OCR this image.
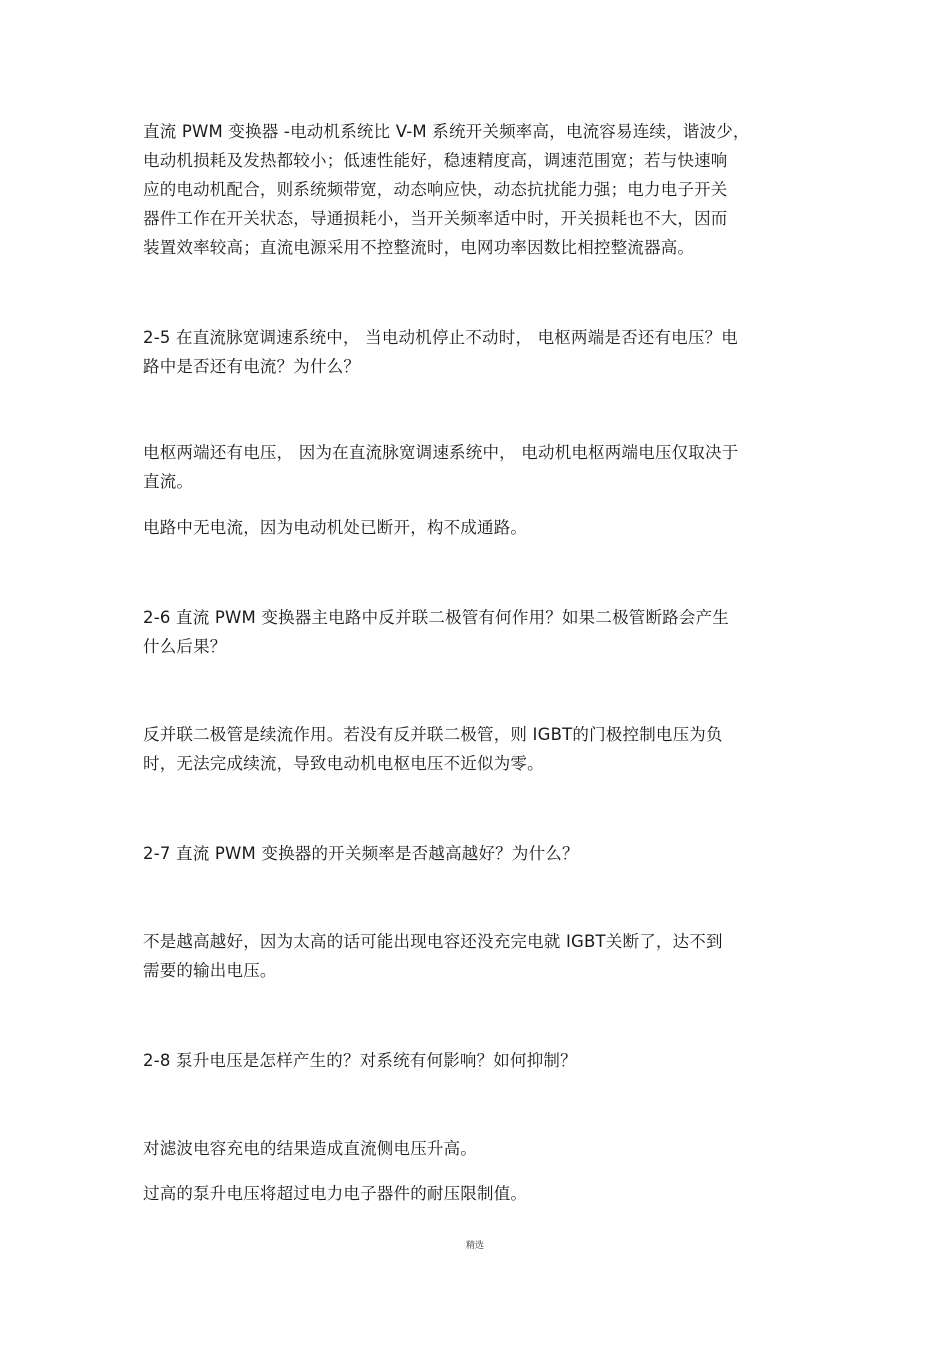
直流 PWM 变换器 -电动机系统比 V-M 系统开关频率高，电流容易连续，谐波少，
电动机损耗及发热都较小；低速性能好，稳速精度高，调速范围宽；若与快速响
应的电动机配合，则系统频带宽，动态响应快，动态抗扰能力强；电力电子开关
器件工作在开关状态，导通损耗小，当开关频率适中时，开关损耗也不大，因而
装置效率较高；直流电源采用不控整流时，电网功率因数比相控整流器高。
2-5 在直流脉宽调速系统中， 当电动机停止不动时， 电枢两端是否还有电压？电
路中是否还有电流？为什么？
电枢两端还有电压， 因为在直流脉宽调速系统中， 电动机电枢两端电压仅取决于
直流。
电路中无电流，因为电动机处已断开，构不成通路。
2-6 直流 PWM 变换器主电路中反并联二极管有何作用？如果二极管断路会产生
什么后果？
反并联二极管是续流作用。若没有反并联二极管，则 IGBT的门极控制电压为负
时，无法完成续流，导致电动机电枢电压不近似为零。
2-7 直流 PWM 变换器的开关频率是否越高越好？为什么？
不是越高越好，因为太高的话可能出现电容还没充完电就 IGBT关断了，达不到
需要的输出电压。
2-8 泵升电压是怎样产生的？对系统有何影响？如何抑制？
对滤波电容充电的结果造成直流侧电压升高。
过高的泵升电压将超过电力电子器件的耐压限制值。
精选
